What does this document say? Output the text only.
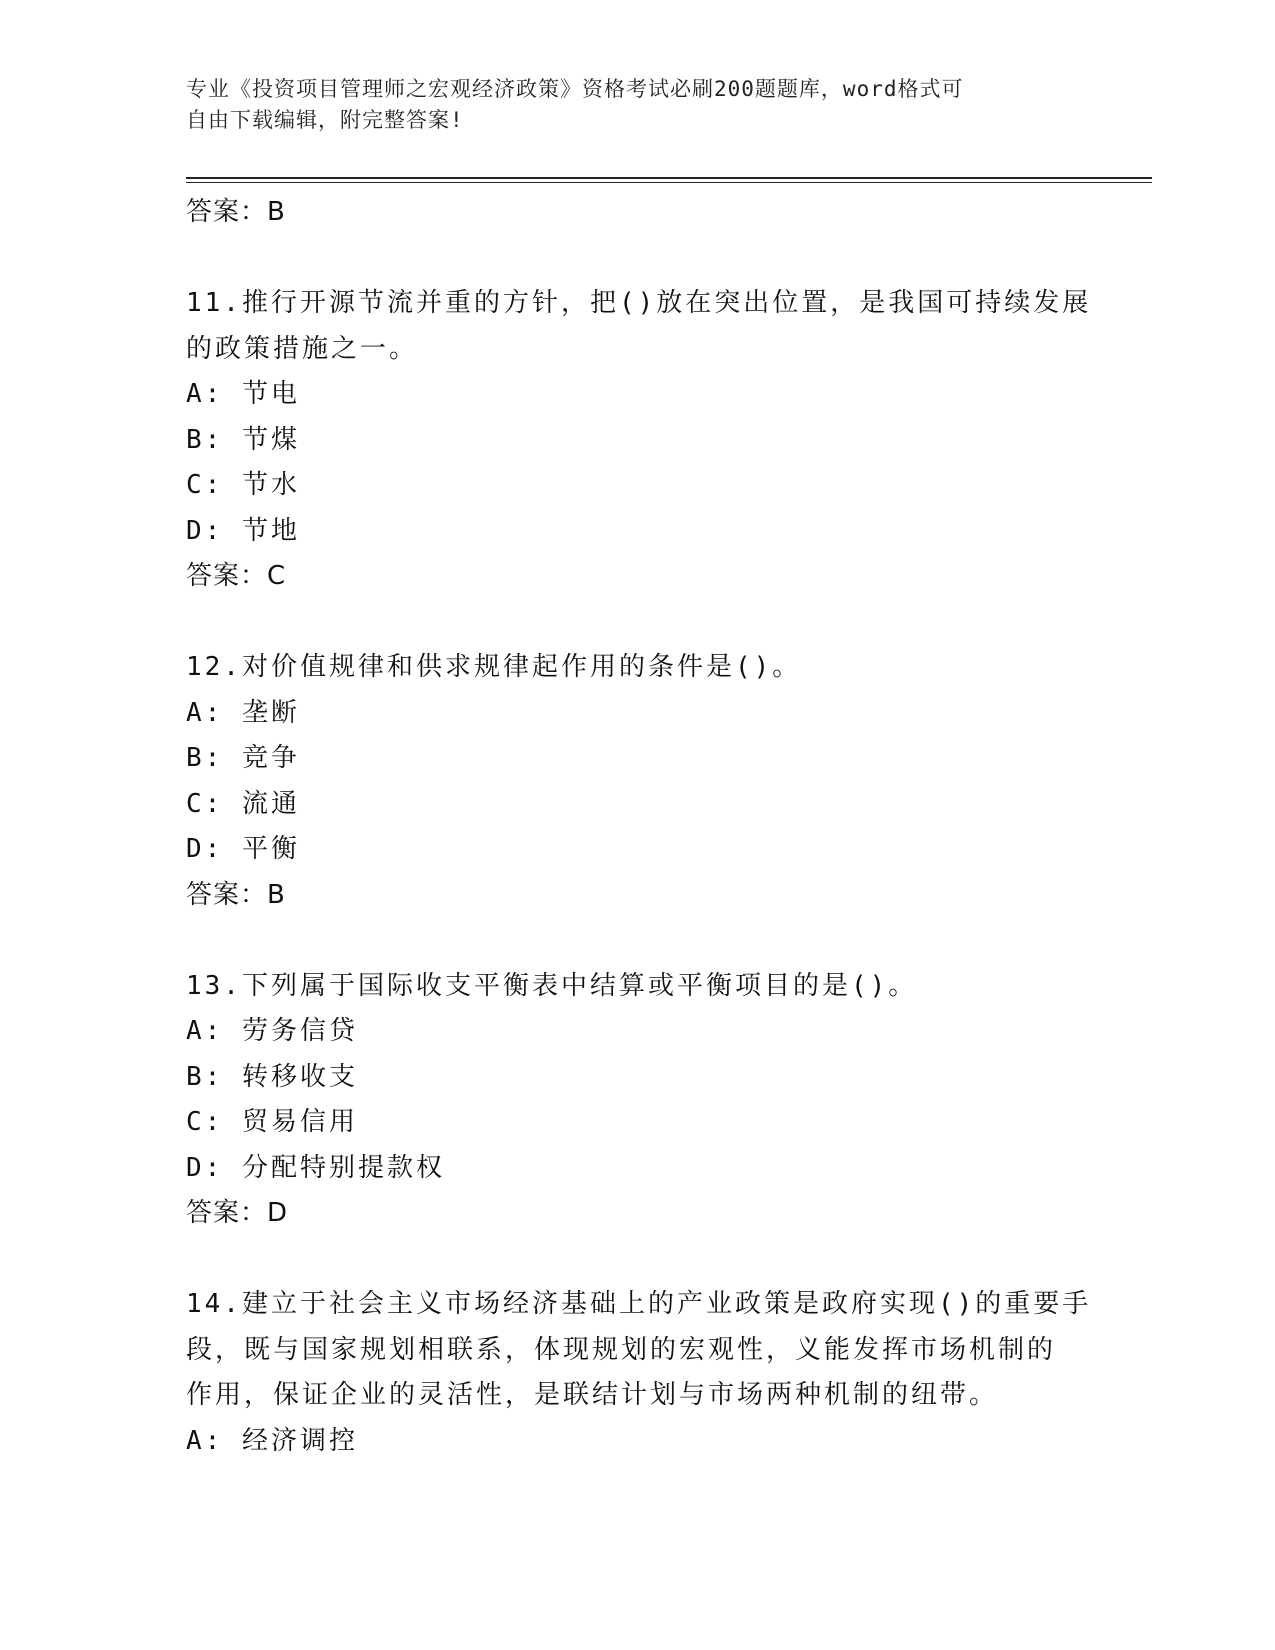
专业《投资项目管理师之宏观经济政策》资格考试必刷200题题库，word格式可
自由下载编辑，附完整答案!
答案：B
11.推行开源节流并重的方针，把()放在突出位置，是我国可持续发展
的政策措施之一。
A: 节电
B: 节煤
C: 节水
D: 节地
答案：C
12.对价值规律和供求规律起作用的条件是()。
A: 垄断
B: 竞争
C: 流通
D: 平衡
答案：B
13.下列属于国际收支平衡表中结算或平衡项目的是()。
A: 劳务信贷
B: 转移收支
C: 贸易信用
D: 分配特别提款权
答案：D
14.建立于社会主义市场经济基础上的产业政策是政府实现()的重要手
段，既与国家规划相联系，体现规划的宏观性，义能发挥市场机制的
作用，保证企业的灵活性，是联结计划与市场两种机制的纽带。
A: 经济调控
